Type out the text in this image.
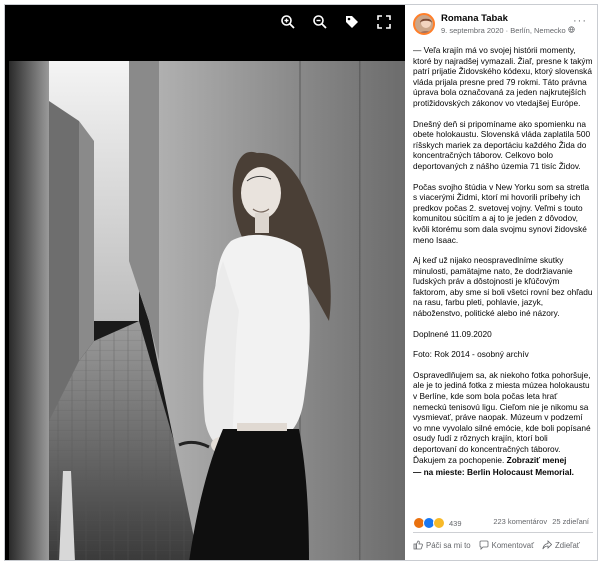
Romana Tabak
9. septembra 2020 · Berlín, Nemecko
···

— Veľa krajín má vo svojej histórii momenty, ktoré by najradšej vymazali. Žiaľ, presne k takým patrí prijatie Židovského kódexu, ktorý slovenská vláda prijala presne pred 79 rokmi. Táto právna úprava bola označovaná za jeden najkrutejších protižidovských zákonov vo vtedajšej Európe.

Dnešný deň si pripomíname ako spomienku na obete holokaustu. Slovenská vláda zaplatila 500 ríšskych mariek za deportáciu každého Žida do koncentračných táborov. Celkovo bolo deportovaných z nášho územia 71 tisíc Židov.

Počas svojho štúdia v New Yorku som sa stretla s viacerými Židmi, ktorí mi hovorili príbehy ich predkov počas 2. svetovej vojny. Veľmi s touto komunitou súcitím a aj to je jeden z dôvodov, kvôli ktorému som dala svojmu synovi židovské meno Isaac.

Aj keď už nijako neospravedlníme skutky minulosti, pamätajme nato, že dodržiavanie ľudských práv a dôstojnosti je kľúčovým faktorom, aby sme si boli všetci rovní bez ohľadu na rasu, farbu pleti, pohlavie, jazyk, náboženstvo, politické alebo iné názory.

Doplnené 11.09.2020

Foto: Rok 2014 - osobný archív

Ospravedlňujem sa, ak niekoho fotka pohoršuje, ale je to jediná fotka z miesta múzea holokaustu v Berlíne, kde som bola počas leta hrať nemeckú tenisovú ligu. Cieľom nie je nikomu sa vysmievať, práve naopak. Múzeum v podzemí vo mne vyvolalo silné emócie, kde boli popísané osudy ľudí z rôznych krajín, ktorí boli deportovaní do koncentračných táborov. Ďakujem za pochopenie. Zobraziť menej

— na mieste: Berlin Holocaust Memorial.

439	223 komentárov 25 zdieľaní
Páči sa mi to	Komentovať	Zdieľať
